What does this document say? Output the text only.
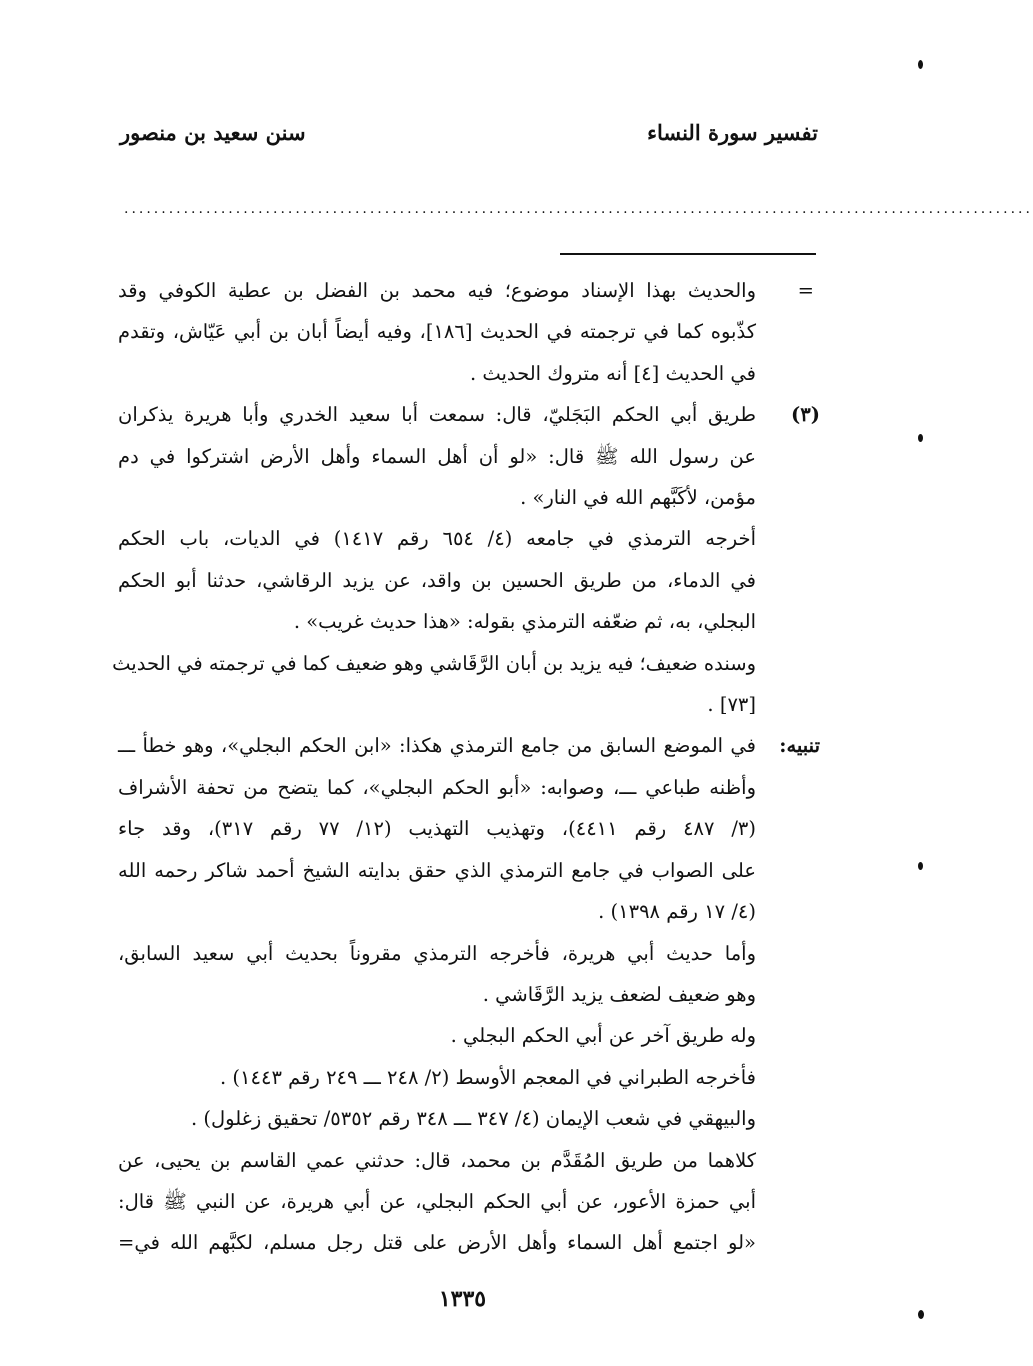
تفسير سورة النساء
سنن سعيد بن منصور
..........................................................................................................................
=
والحديث بهذا الإسناد موضوع؛ فيه محمد بن الفضل بن عطية الكوفي وقد
كذّبوه كما في ترجمته في الحديث [١٨٦]، وفيه أيضاً أبان بن أبي عَيّاش، وتقدم
في الحديث [٤] أنه متروك الحديث .
(٣)
طريق أبي الحكم البَجَليّ، قال: سمعت أبا سعيد الخدري وأبا هريرة يذكران
عن رسول الله ﷺ قال: «لو أن أهل السماء وأهل الأرض اشتركوا في دم
مؤمن، لأكَبَّهم الله في النار» .
أخرجه الترمذي في جامعه (٤/ ٦٥٤ رقم ١٤١٧) في الديات، باب الحكم
في الدماء، من طريق الحسين بن واقد، عن يزيد الرقاشي، حدثنا أبو الحكم
البجلي، به، ثم ضعّفه الترمذي بقوله: «هذا حديث غريب» .
وسنده ضعيف؛ فيه يزيد بن أبان الرَّقَاشي وهو ضعيف كما في ترجمته في الحديث
[٧٣] .
تنبيه:
في الموضع السابق من جامع الترمذي هكذا: «ابن الحكم البجلي»، وهو خطأ ـــ
وأظنه طباعي ـــ، وصوابه: «أبو الحكم البجلي»، كما يتضح من تحفة الأشراف
(٣/ ٤٨٧ رقم ٤٤١١)، وتهذيب التهذيب (١٢/ ٧٧ رقم ٣١٧)، وقد جاء
على الصواب في جامع الترمذي الذي حقق بدايته الشيخ أحمد شاكر رحمه الله
(٤/ ١٧ رقم ١٣٩٨) .
وأما حديث أبي هريرة، فأخرجه الترمذي مقروناً بحديث أبي سعيد السابق،
وهو ضعيف لضعف يزيد الرَّقَاشي .
وله طريق آخر عن أبي الحكم البجلي .
فأخرجه الطبراني في المعجم الأوسط (٢/ ٢٤٨ ـــ ٢٤٩ رقم ١٤٤٣) .
والبيهقي في شعب الإيمان (٤/ ٣٤٧ ـــ ٣٤٨ رقم ٥٣٥٢/ تحقيق زغلول) .
كلاهما من طريق المُقَدَّم بن محمد، قال: حدثني عمي القاسم بن يحيى، عن
أبي حمزة الأعور، عن أبي الحكم البجلي، عن أبي هريرة، عن النبي ﷺ قال:
«لو اجتمع أهل السماء وأهل الأرض على قتل رجل مسلم، لكبَّهم الله في=
١٣٣٥
